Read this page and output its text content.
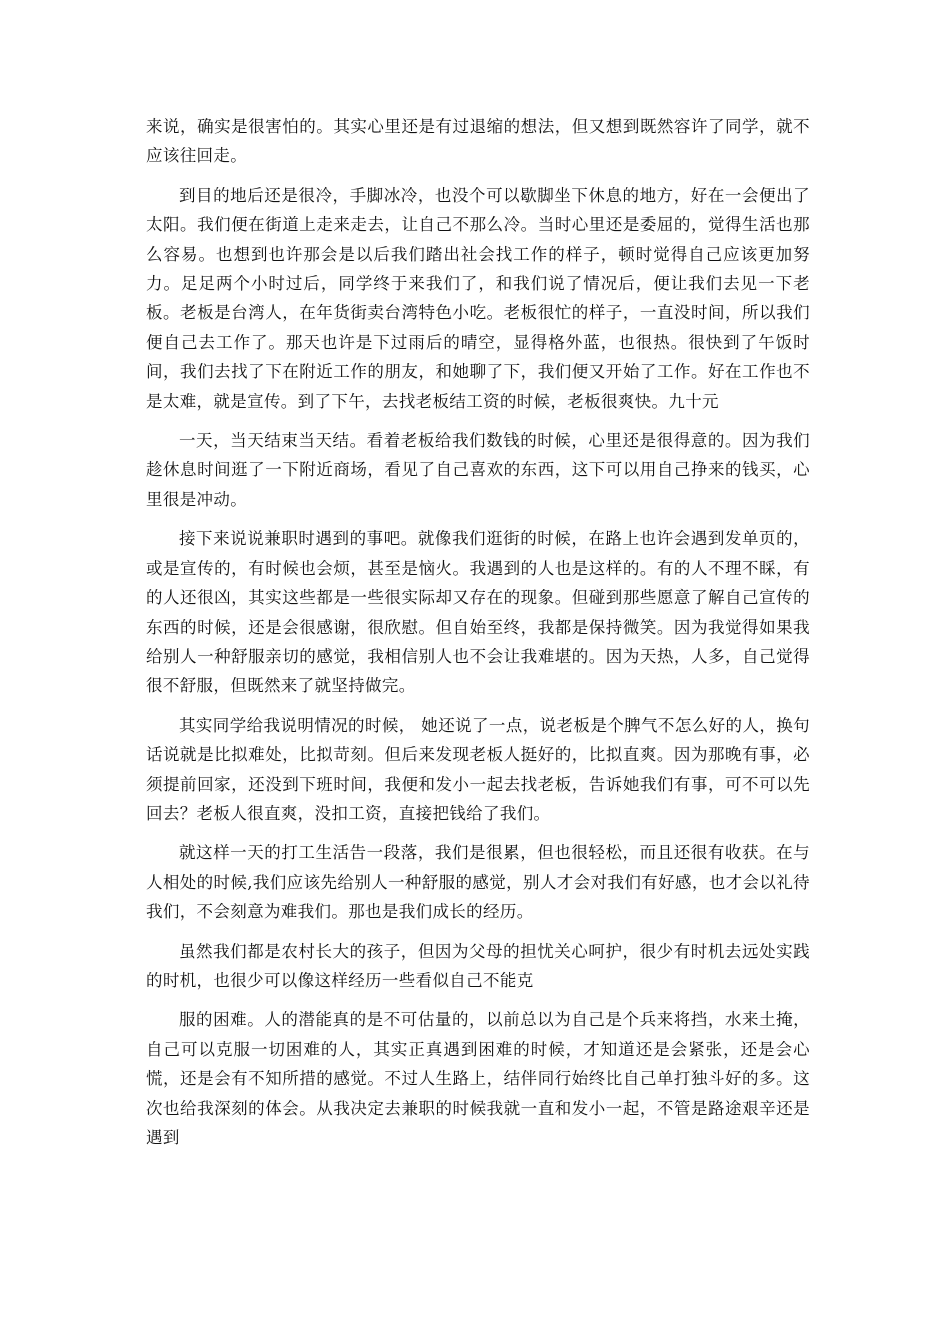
来说，确实是很害怕的。其实心里还是有过退缩的想法，但又想到既然容许了同学，就不应该往回走。

到目的地后还是很冷，手脚冰冷，也没个可以歇脚坐下休息的地方，好在一会便出了太阳。我们便在街道上走来走去，让自己不那么冷。当时心里还是委屈的，觉得生活也那么容易。也想到也许那会是以后我们踏出社会找工作的样子，顿时觉得自己应该更加努力。足足两个小时过后，同学终于来我们了，和我们说了情况后，便让我们去见一下老板。老板是台湾人，在年货街卖台湾特色小吃。老板很忙的样子，一直没时间，所以我们便自己去工作了。那天也许是下过雨后的晴空，显得格外蓝，也很热。很快到了午饭时间，我们去找了下在附近工作的朋友，和她聊了下，我们便又开始了工作。好在工作也不是太难，就是宣传。到了下午，去找老板结工资的时候，老板很爽快。九十元

一天，当天结束当天结。看着老板给我们数钱的时候，心里还是很得意的。因为我们趁休息时间逛了一下附近商场，看见了自己喜欢的东西，这下可以用自己挣来的钱买，心里很是冲动。

接下来说说兼职时遇到的事吧。就像我们逛街的时候，在路上也许会遇到发单页的，或是宣传的，有时候也会烦，甚至是恼火。我遇到的人也是这样的。有的人不理不睬，有的人还很凶，其实这些都是一些很实际却又存在的现象。但碰到那些愿意了解自己宣传的东西的时候，还是会很感谢，很欣慰。但自始至终，我都是保持微笑。因为我觉得如果我给别人一种舒服亲切的感觉，我相信别人也不会让我难堪的。因为天热，人多，自己觉得很不舒服，但既然来了就坚持做完。

其实同学给我说明情况的时候， 她还说了一点，说老板是个脾气不怎么好的人，换句话说就是比拟难处，比拟苛刻。但后来发现老板人挺好的，比拟直爽。因为那晚有事，必须提前回家，还没到下班时间，我便和发小一起去找老板，告诉她我们有事，可不可以先回去？老板人很直爽，没扣工资，直接把钱给了我们。

就这样一天的打工生活告一段落，我们是很累，但也很轻松，而且还很有收获。在与人相处的时候,我们应该先给别人一种舒服的感觉，别人才会对我们有好感，也才会以礼待我们，不会刻意为难我们。那也是我们成长的经历。

虽然我们都是农村长大的孩子，但因为父母的担忧关心呵护，很少有时机去远处实践的时机，也很少可以像这样经历一些看似自己不能克

服的困难。人的潜能真的是不可估量的，以前总以为自己是个兵来将挡，水来土掩，自己可以克服一切困难的人，其实正真遇到困难的时候，才知道还是会紧张，还是会心慌，还是会有不知所措的感觉。不过人生路上，结伴同行始终比自己单打独斗好的多。这次也给我深刻的体会。从我决定去兼职的时候我就一直和发小一起，不管是路途艰辛还是遇到
